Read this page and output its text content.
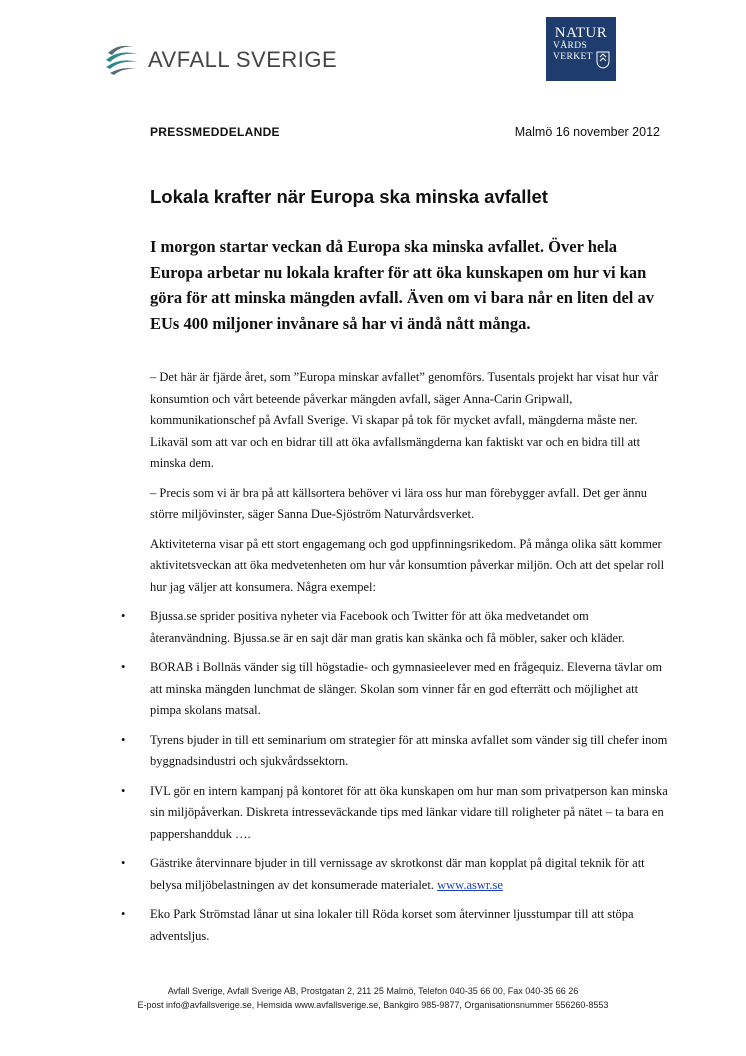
AVFALL SVERIGE
NATUR
VÅRDS
VERKET
PRESSMEDDELANDE	Malmö 16 november 2012
Lokala krafter när Europa ska minska avfallet

I morgon startar veckan då Europa ska minska avfallet. Över hela Europa arbetar nu lokala krafter för att öka kunskapen om hur vi kan göra för att minska mängden avfall. Även om vi bara når en liten del av EUs 400 miljoner invånare så har vi ändå nått många.

– Det här är fjärde året, som ”Europa minskar avfallet” genomförs. Tusentals projekt har visat hur vår konsumtion och vårt beteende påverkar mängden avfall, säger Anna-Carin Gripwall, kommunikationschef på Avfall Sverige. Vi skapar på tok för mycket avfall, mängderna måste ner. Likaväl som att var och en bidrar till att öka avfallsmängderna kan faktiskt var och en bidra till att minska dem.

– Precis som vi är bra på att källsortera behöver vi lära oss hur man förebygger avfall. Det ger ännu större miljövinster, säger Sanna Due-Sjöström Naturvårdsverket.

Aktiviteterna visar på ett stort engagemang och god uppfinningsrikedom. På många olika sätt kommer aktivitetsveckan att öka medvetenheten om hur vår konsumtion påverkar miljön. Och att det spelar roll hur jag väljer att konsumera. Några exempel:

• Bjussa.se sprider positiva nyheter via Facebook och Twitter för att öka medvetandet om återanvändning. Bjussa.se är en sajt där man gratis kan skänka och få möbler, saker och kläder.
• BORAB i Bollnäs vänder sig till högstadie- och gymnasieelever med en frågequiz. Eleverna tävlar om att minska mängden lunchmat de slänger. Skolan som vinner får en god efterrätt och möjlighet att pimpa skolans matsal.
• Tyrens bjuder in till ett seminarium om strategier för att minska avfallet som vänder sig till chefer inom byggnadsindustri och sjukvårdssektorn.
• IVL gör en intern kampanj på kontoret för att öka kunskapen om hur man som privatperson kan minska sin miljöpåverkan. Diskreta intresseväckande tips med länkar vidare till roligheter på nätet – ta bara en pappershandduk ….
• Gästrike återvinnare bjuder in till vernissage av skrotkonst där man kopplat på digital teknik för att belysa miljöbelastningen av det konsumerade materialet. www.aswr.se
• Eko Park Strömstad lånar ut sina lokaler till Röda korset som återvinner ljusstumpar till att stöpa adventsljus.
Avfall Sverige, Avfall Sverige AB, Prostgatan 2, 211 25 Malmö, Telefon 040-35 66 00, Fax 040-35 66 26
E-post info@avfallsverige.se, Hemsida www.avfallsverige.se, Bankgiro 985-9877, Organisationsnummer 556260-8553
